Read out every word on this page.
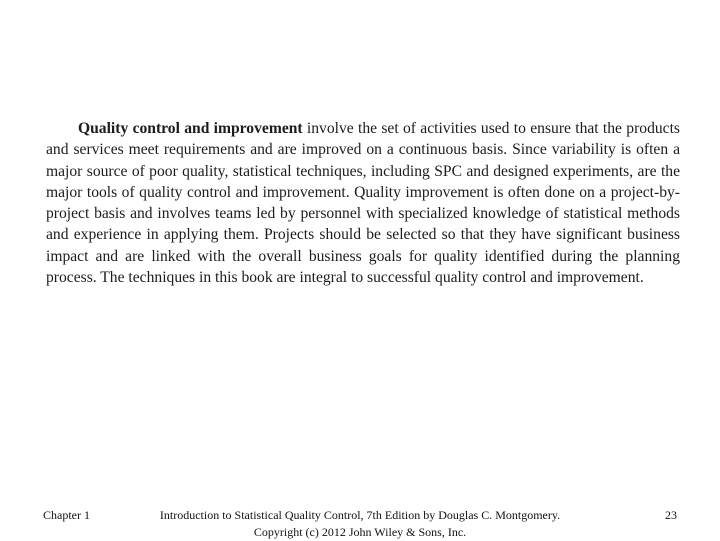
Quality control and improvement involve the set of activities used to ensure that the products and services meet requirements and are improved on a continuous basis. Since variability is often a major source of poor quality, statistical techniques, including SPC and designed experiments, are the major tools of quality control and improvement. Quality improvement is often done on a project-by-project basis and involves teams led by personnel with specialized knowledge of statistical methods and experience in applying them. Projects should be selected so that they have significant business impact and are linked with the overall business goals for quality identified during the planning process. The techniques in this book are integral to successful quality control and improvement.

Chapter 1	Introduction to Statistical Quality Control, 7th Edition by Douglas C. Montgomery.
Copyright (c) 2012 John Wiley & Sons, Inc.
23
